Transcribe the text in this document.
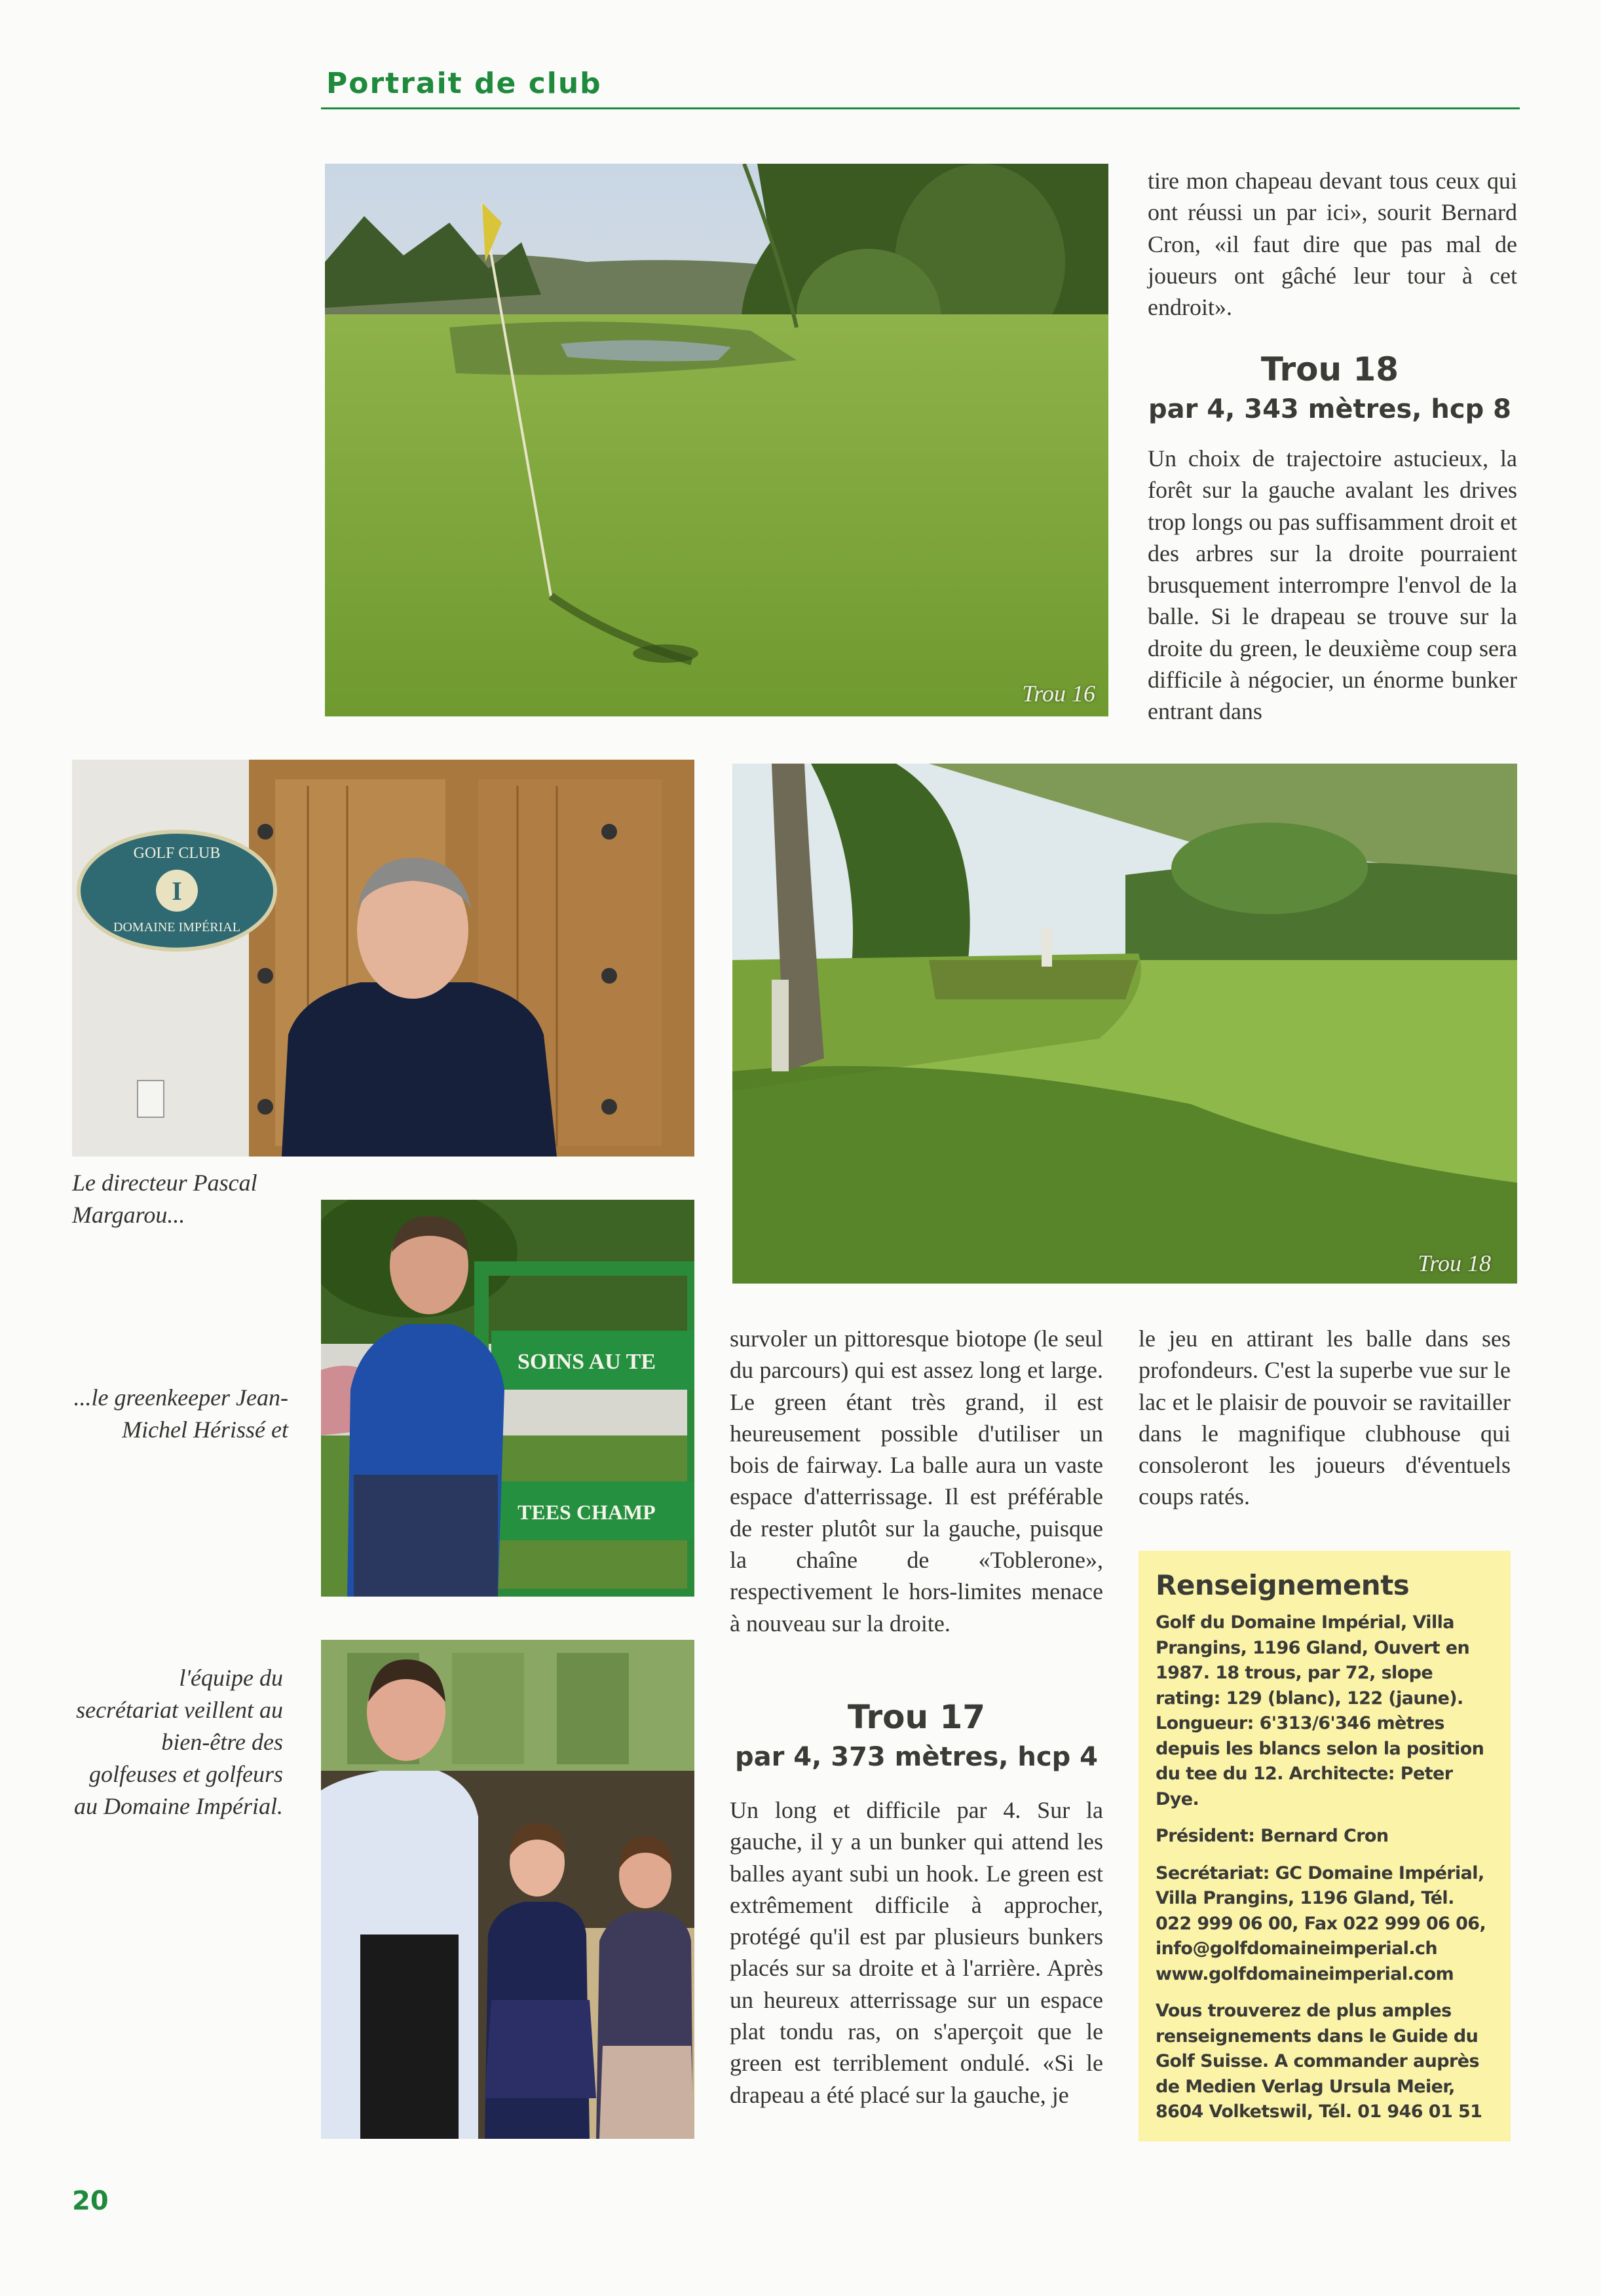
Portrait de club
Trou 16

tire mon chapeau devant tous ceux qui ont réussi un par ici», sourit Bernard Cron, «il faut dire que pas mal de joueurs ont gâché leur tour à cet endroit».

Trou 18
par 4, 343 mètres, hcp 8

Un choix de trajectoire astucieux, la forêt sur la gauche avalant les drives trop longs ou pas suffisamment droit et des arbres sur la droite pourraient brusquement interrompre l'envol de la balle. Si le drapeau se trouve sur la droite du green, le deuxième coup sera difficile à négocier, un énorme bunker entrant dans

GOLF CLUB
I
DOMAINE IMPÉRIAL
Trou 18

Le directeur Pascal Margarou...

SOINS AU TE
TEES CHAMP

...le greenkeeper Jean-Michel Hérissé et

l'équipe du secrétariat veillent au bien-être des golfeuses et golfeurs au Domaine Impérial.

survoler un pittoresque biotope (le seul du parcours) qui est assez long et large. Le green étant très grand, il est heureusement possible d'utiliser un bois de fairway. La balle aura un vaste espace d'atterrissage. Il est préférable de rester plutôt sur la gauche, puisque la chaîne de «Toblerone», respectivement le hors-limites menace à nouveau sur la droite.

Trou 17
par 4, 373 mètres, hcp 4

Un long et difficile par 4. Sur la gauche, il y a un bunker qui attend les balles ayant subi un hook. Le green est extrêmement difficile à approcher, protégé qu'il est par plusieurs bunkers placés sur sa droite et à l'arrière. Après un heureux atterrissage sur un espace plat tondu ras, on s'aperçoit que le green est terriblement ondulé. «Si le drapeau a été placé sur la gauche, je

le jeu en attirant les balle dans ses profondeurs. C'est la superbe vue sur le lac et le plaisir de pouvoir se ravitailler dans le magnifique clubhouse qui consoleront les joueurs d'éventuels coups ratés.

Renseignements

Golf du Domaine Impérial, Villa Prangins, 1196 Gland, Ouvert en 1987. 18 trous, par 72, slope rating: 129 (blanc), 122 (jaune). Longueur: 6'313/6'346 mètres depuis les blancs selon la position du tee du 12. Architecte: Peter Dye.

Président: Bernard Cron

Secrétariat: GC Domaine Impérial, Villa Prangins, 1196 Gland, Tél. 022 999 06 00, Fax 022 999 06 06, info@golfdomaineimperial.ch www.golfdomaineimperial.com

Vous trouverez de plus amples renseignements dans le Guide du Golf Suisse. A commander auprès de Medien Verlag Ursula Meier, 8604 Volketswil, Tél. 01 946 01 51

20
